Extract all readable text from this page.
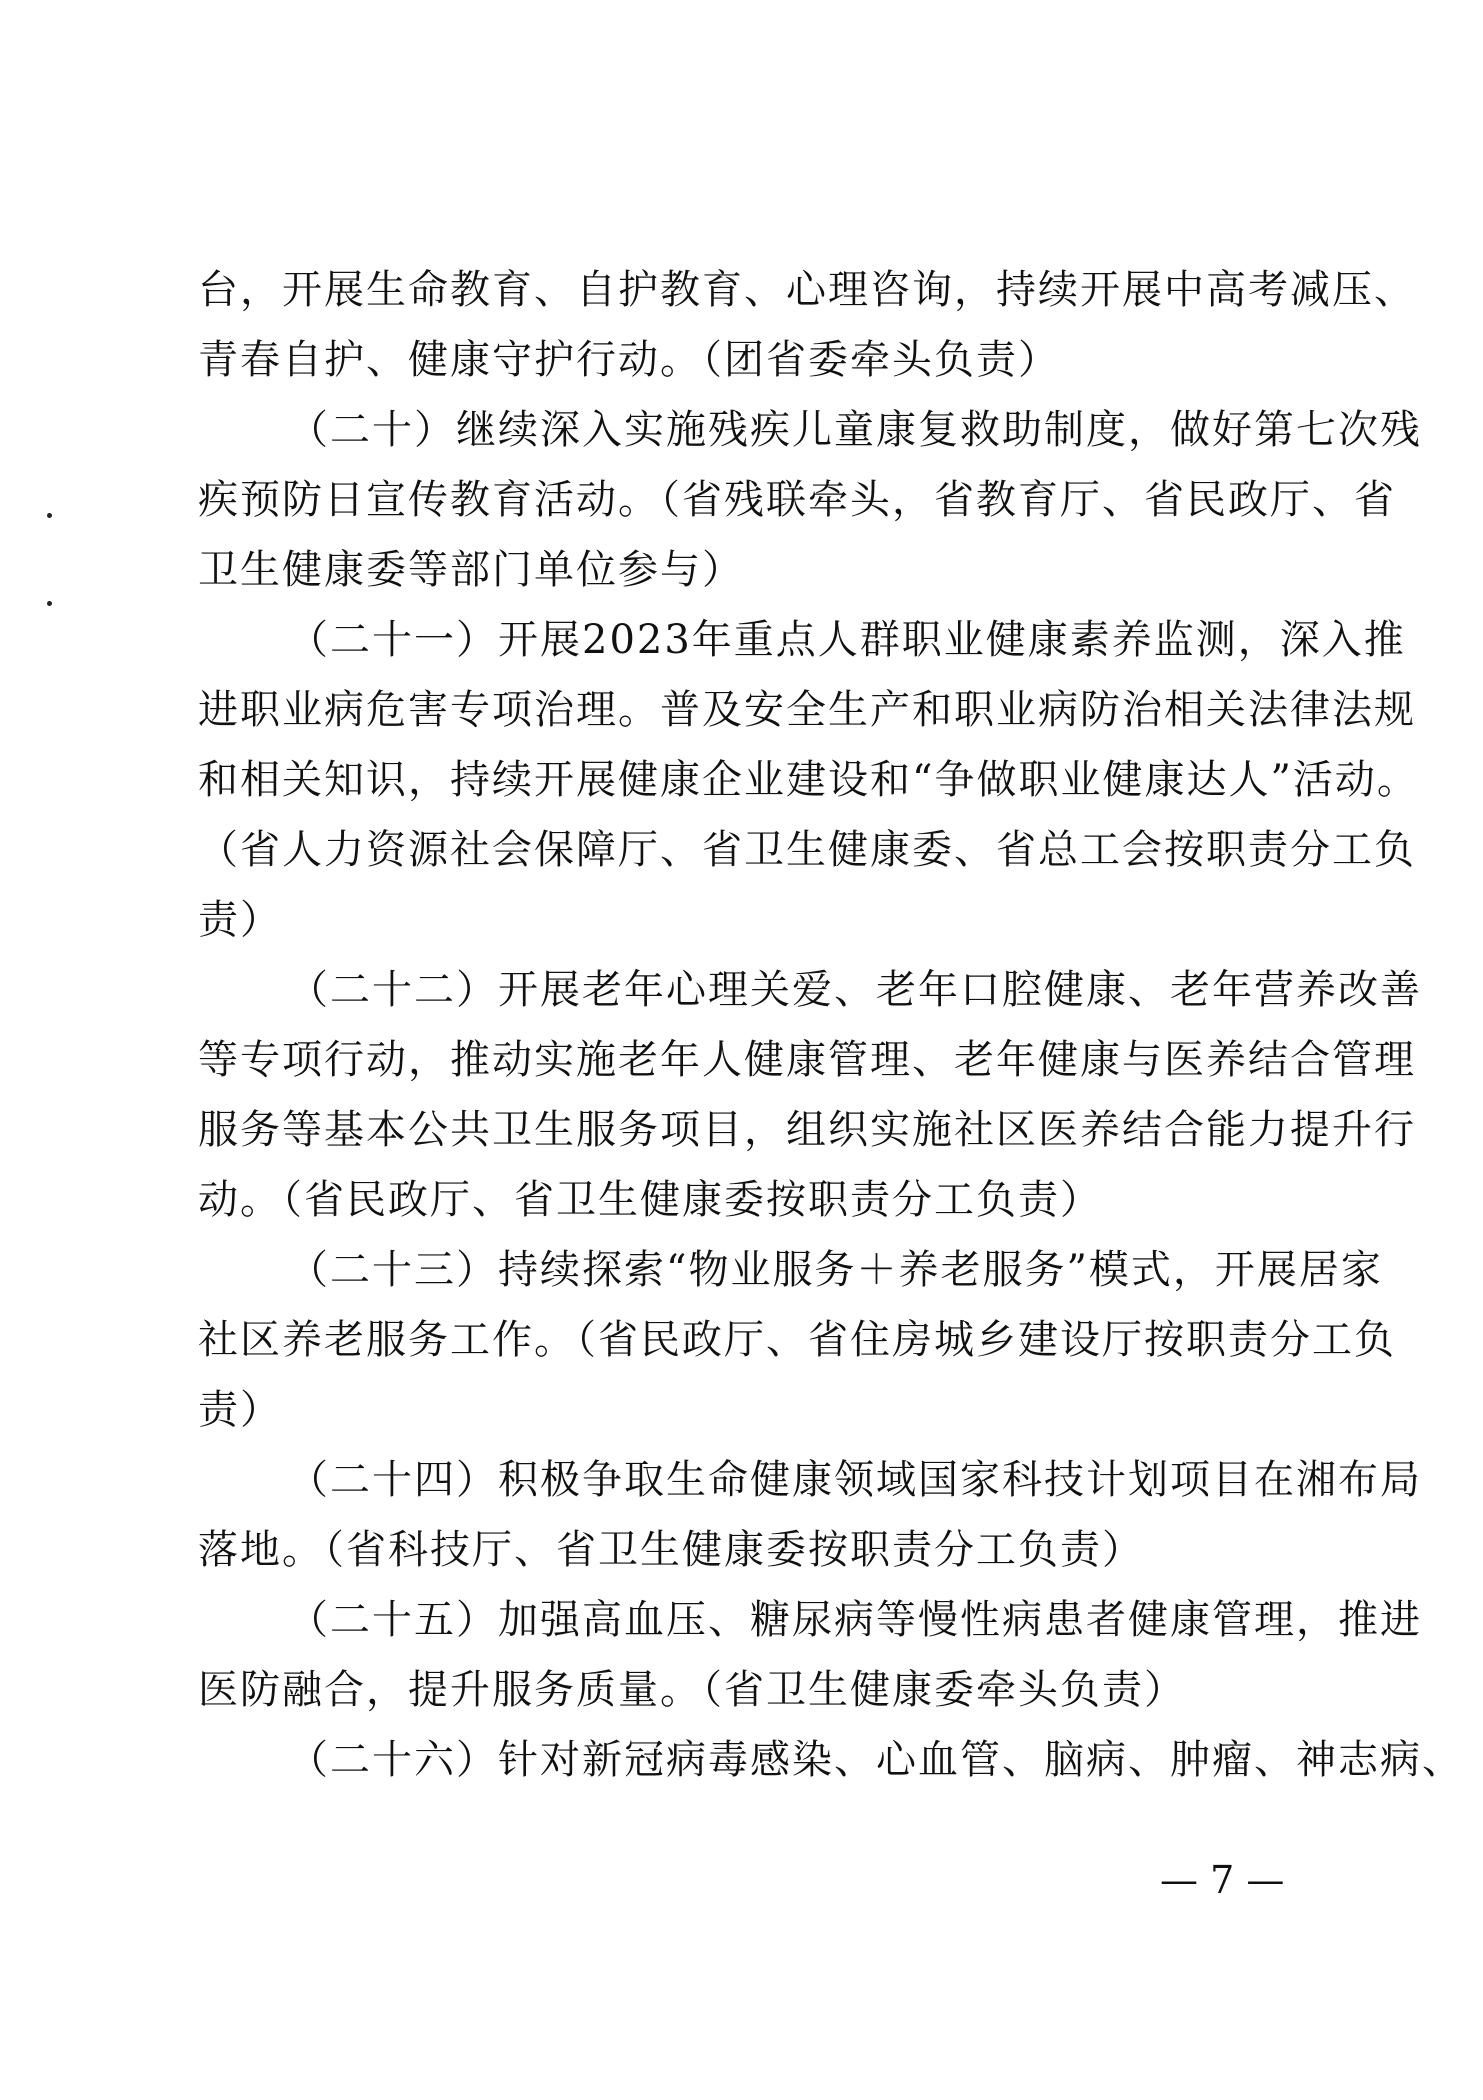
台，开展生命教育、自护教育、心理咨询，持续开展中高考减压、
青春自护、健康守护行动。（团省委牵头负责）
（二十）继续深入实施残疾儿童康复救助制度，做好第七次残
疾预防日宣传教育活动。（省残联牵头，省教育厅、省民政厅、省
卫生健康委等部门单位参与）
（二十一）开展2023年重点人群职业健康素养监测，深入推
进职业病危害专项治理。普及安全生产和职业病防治相关法律法规
和相关知识，持续开展健康企业建设和“争做职业健康达人”活动。
（省人力资源社会保障厅、省卫生健康委、省总工会按职责分工负
责）
（二十二）开展老年心理关爱、老年口腔健康、老年营养改善
等专项行动，推动实施老年人健康管理、老年健康与医养结合管理
服务等基本公共卫生服务项目，组织实施社区医养结合能力提升行
动。（省民政厅、省卫生健康委按职责分工负责）
（二十三）持续探索“物业服务＋养老服务”模式，开展居家
社区养老服务工作。（省民政厅、省住房城乡建设厅按职责分工负
责）
（二十四）积极争取生命健康领域国家科技计划项目在湘布局
落地。（省科技厅、省卫生健康委按职责分工负责）
（二十五）加强高血压、糖尿病等慢性病患者健康管理，推进
医防融合，提升服务质量。（省卫生健康委牵头负责）
（二十六）针对新冠病毒感染、心血管、脑病、肿瘤、神志病、
— 7 —
